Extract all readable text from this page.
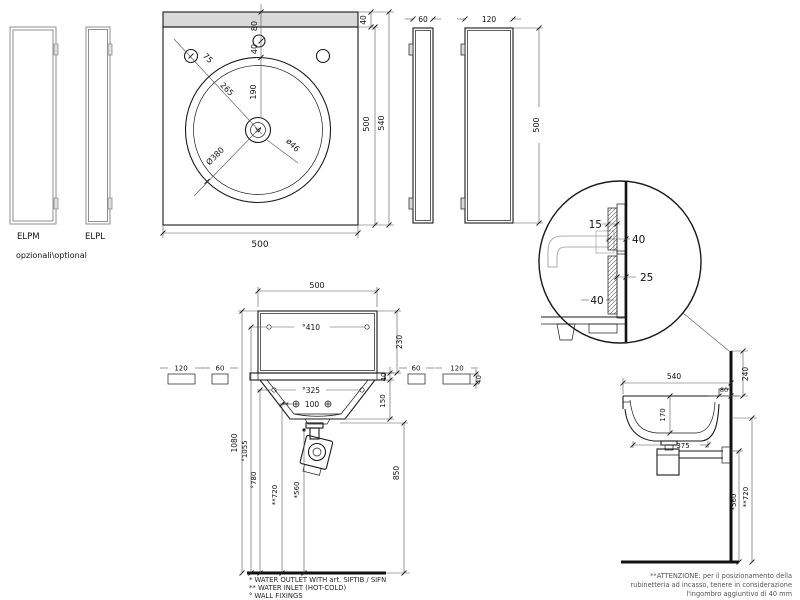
ELPM	ELPL
opzionali\optional
80
40
190
75
265
Ø380
ø46
40
500 540
500
60	120
500
15
40
25
40
500
°410
230
°325
** 100
40
150
850
1080 °1055
°780
**720 *560
120	60	60	120
40	540
80
240
170
375
*560 **720
* WATER OUTLET WITH art. SIFTIB / SIFN
** WATER INLET (HOT-COLD)
° WALL FIXINGS
**ATTENZIONE: per il posizionamento della
rubinetteria ad incasso, tenere in considerazione
l'ingombro aggiuntivo di 40 mm
